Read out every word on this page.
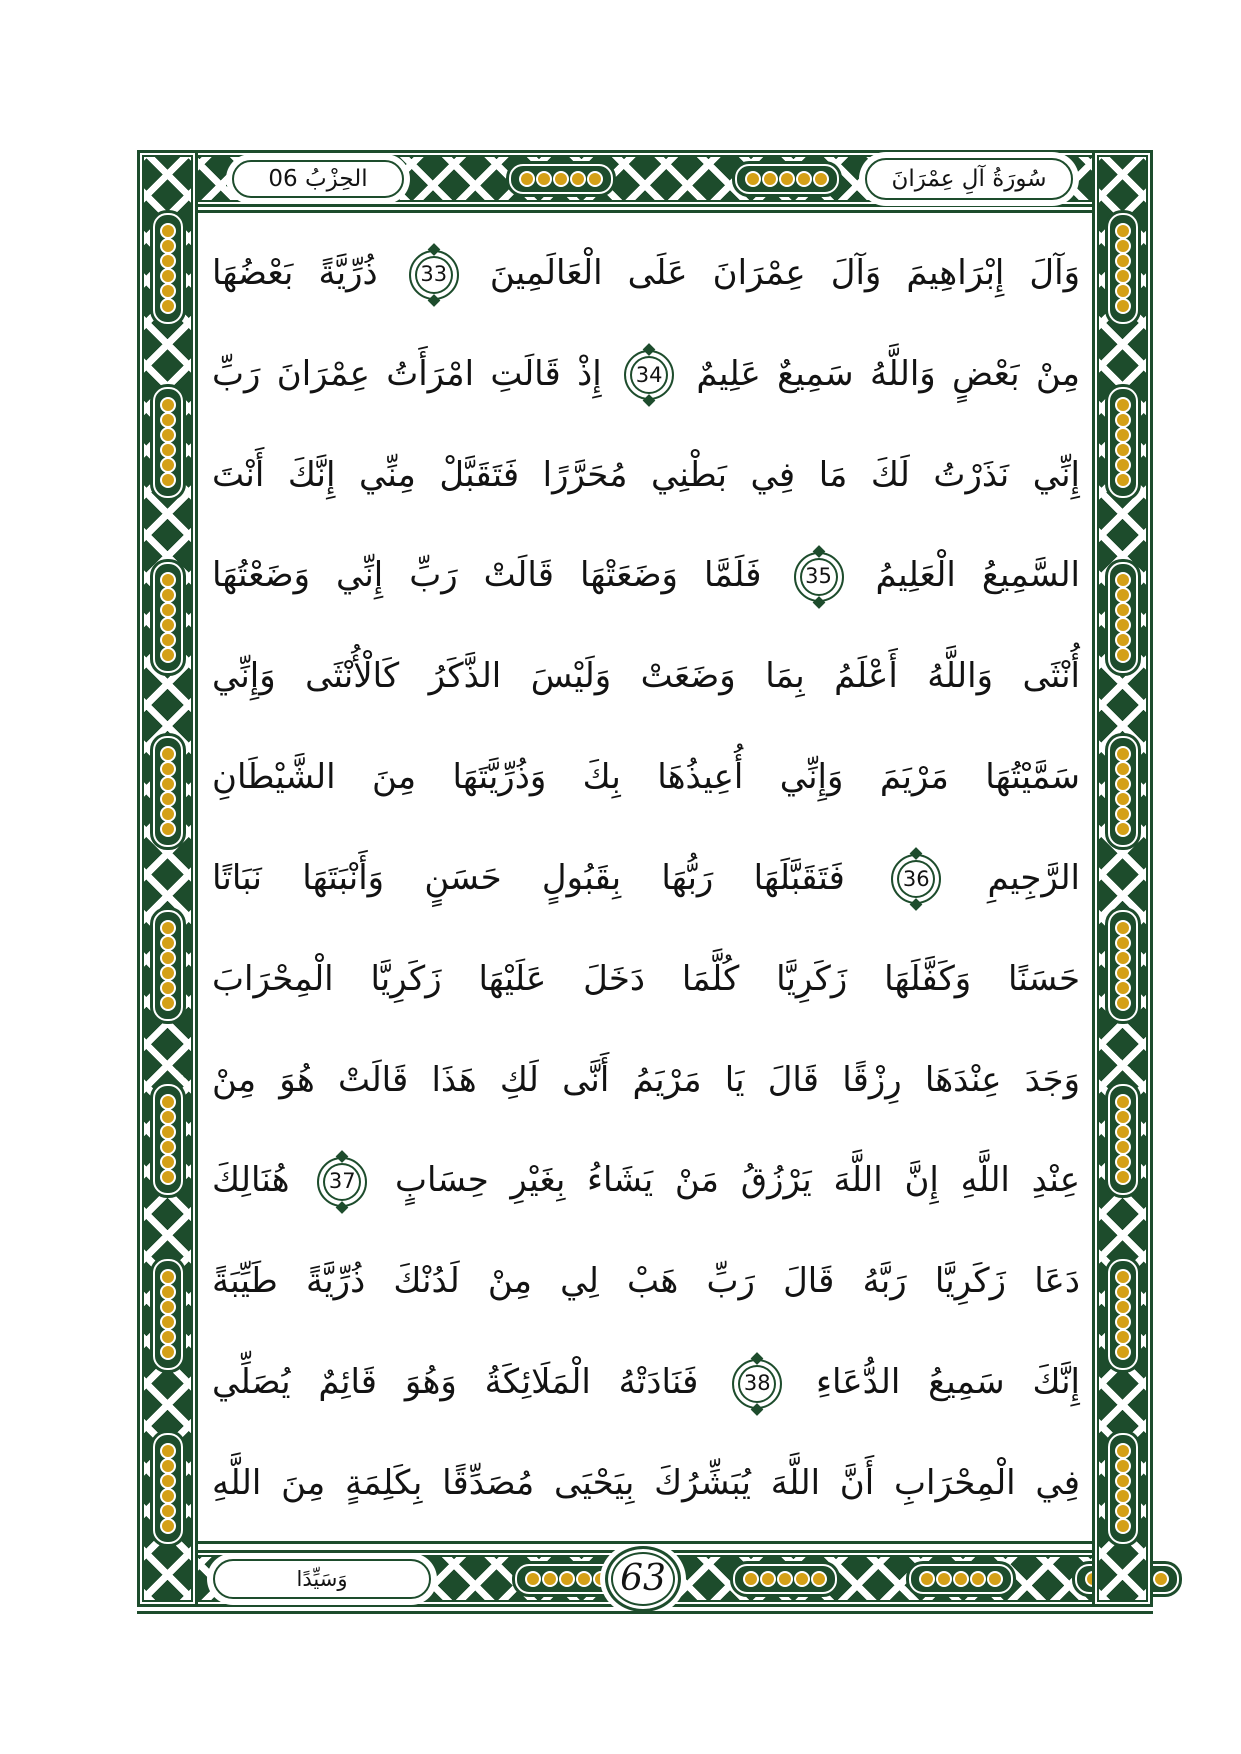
الحِزْبُ 06	سُورَةُ آلِ عِمْرَانَ
وَسَيِّدًا	63
وَآلَ إِبْرَاهِيمَ وَآلَ عِمْرَانَ عَلَى الْعَالَمِينَ 33 ذُرِّيَّةً بَعْضُهَا
مِنْ بَعْضٍ وَاللَّهُ سَمِيعٌ عَلِيمٌ 34 إِذْ قَالَتِ امْرَأَتُ عِمْرَانَ رَبِّ
إِنِّي نَذَرْتُ لَكَ مَا فِي بَطْنِي مُحَرَّرًا فَتَقَبَّلْ مِنِّي إِنَّكَ أَنْتَ
السَّمِيعُ الْعَلِيمُ 35 فَلَمَّا وَضَعَتْهَا قَالَتْ رَبِّ إِنِّي وَضَعْتُهَا
أُنْثَى وَاللَّهُ أَعْلَمُ بِمَا وَضَعَتْ وَلَيْسَ الذَّكَرُ كَالْأُنْثَى وَإِنِّي
سَمَّيْتُهَا مَرْيَمَ وَإِنِّي أُعِيذُهَا بِكَ وَذُرِّيَّتَهَا مِنَ الشَّيْطَانِ
الرَّجِيمِ 36 فَتَقَبَّلَهَا رَبُّهَا بِقَبُولٍ حَسَنٍ وَأَنْبَتَهَا نَبَاتًا
حَسَنًا وَكَفَّلَهَا زَكَرِيَّا كُلَّمَا دَخَلَ عَلَيْهَا زَكَرِيَّا الْمِحْرَابَ
وَجَدَ عِنْدَهَا رِزْقًا قَالَ يَا مَرْيَمُ أَنَّى لَكِ هَذَا قَالَتْ هُوَ مِنْ
عِنْدِ اللَّهِ إِنَّ اللَّهَ يَرْزُقُ مَنْ يَشَاءُ بِغَيْرِ حِسَابٍ 37 هُنَالِكَ
دَعَا زَكَرِيَّا رَبَّهُ قَالَ رَبِّ هَبْ لِي مِنْ لَدُنْكَ ذُرِّيَّةً طَيِّبَةً
إِنَّكَ سَمِيعُ الدُّعَاءِ 38 فَنَادَتْهُ الْمَلَائِكَةُ وَهُوَ قَائِمٌ يُصَلِّي
فِي الْمِحْرَابِ أَنَّ اللَّهَ يُبَشِّرُكَ بِيَحْيَى مُصَدِّقًا بِكَلِمَةٍ مِنَ اللَّهِ
